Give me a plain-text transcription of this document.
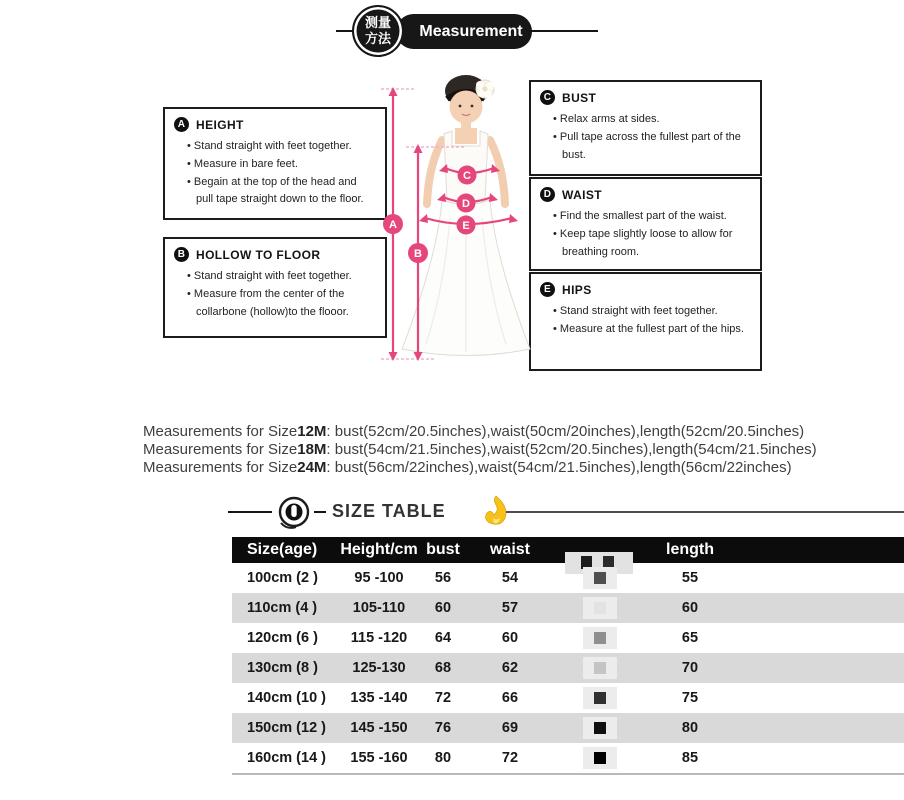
测量
方法 Measurement
A HEIGHT
• Stand straight with feet together.
• Measure in bare feet.
• Begain at the top of the head and pull tape straight down to the floor.
B HOLLOW TO FLOOR
• Stand straight with feet together.
• Measure from the center of the collarbone (hollow)to the flooor.
C BUST
• Relax arms at sides.
• Pull tape across the fullest part of the bust.
D WAIST
• Find the smallest part of the waist.
• Keep tape slightly loose to allow for breathing room.
E HIPS
• Stand straight with feet together.
• Measure at the fullest part of the hips.
A
B
C
D
E
Measurements for Size12M: bust(52cm/20.5inches),waist(50cm/20inches),length(52cm/20.5inches)
Measurements for Size18M: bust(54cm/21.5inches),waist(52cm/20.5inches),length(54cm/21.5inches)
Measurements for Size24M: bust(56cm/22inches),waist(54cm/21.5inches),length(56cm/22inches)
SIZE TABLE
Size(age)	Height/cm bust	waist	length
100cm (2 )	95 -100	56	54	55
110cm (4 )	105-110	60	57	60
120cm (6 )	115 -120	64	60	65
130cm (8 )	125-130	68	62	70
140cm (10 )	135 -140	72	66	75
150cm (12 )	145 -150	76	69	80
160cm (14 )	155 -160	80	72	85
